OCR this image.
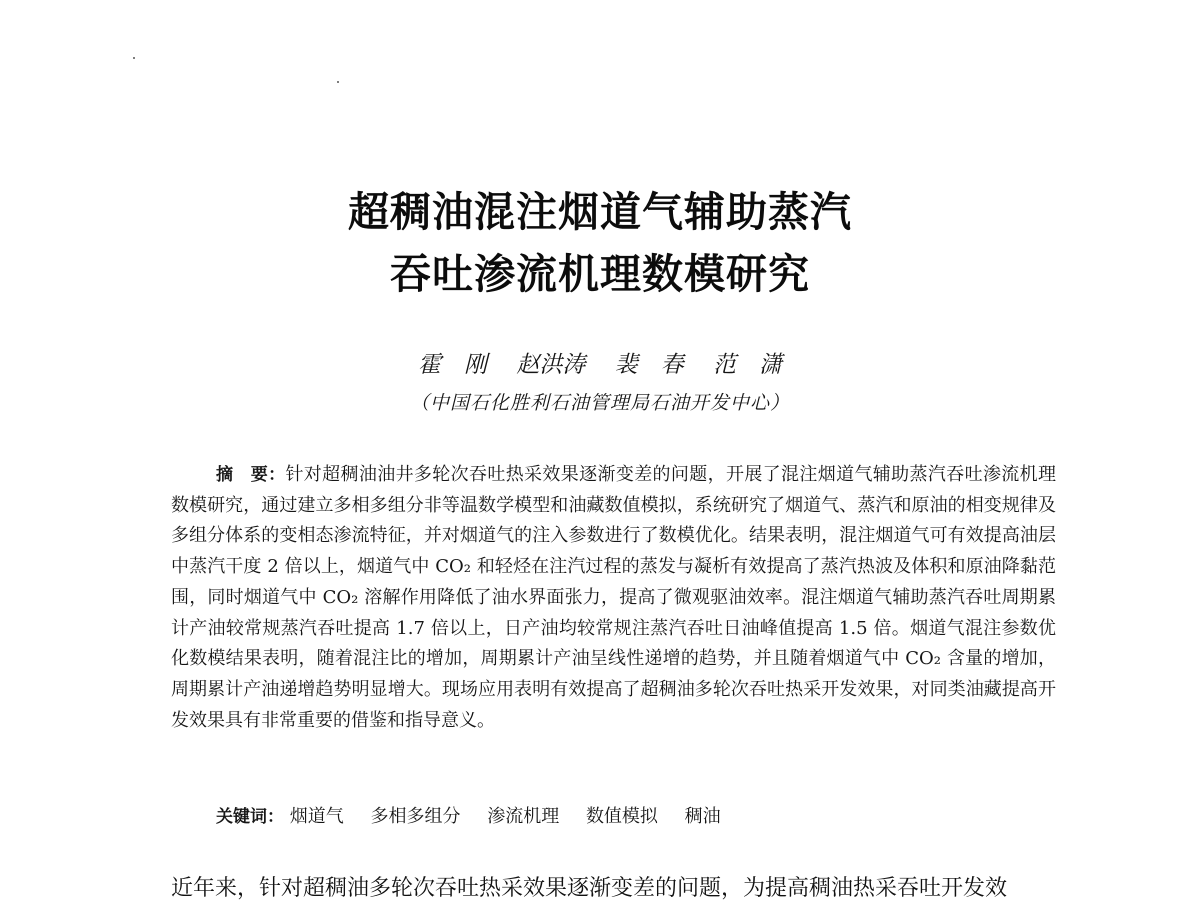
超稠油混注烟道气辅助蒸汽
吞吐渗流机理数模研究
霍　刚 赵洪涛 裴　春 范　潇
（中国石化胜利石油管理局石油开发中心）
摘　要：针对超稠油油井多轮次吞吐热采效果逐渐变差的问题，开展了混注烟道气辅助蒸汽吞吐渗流机理数模研究，通过建立多相多组分非等温数学模型和油藏数值模拟，系统研究了烟道气、蒸汽和原油的相变规律及多组分体系的变相态渗流特征，并对烟道气的注入参数进行了数模优化。结果表明，混注烟道气可有效提高油层中蒸汽干度 2 倍以上，烟道气中 CO₂ 和轻烃在注汽过程的蒸发与凝析有效提高了蒸汽热波及体积和原油降黏范围，同时烟道气中 CO₂ 溶解作用降低了油水界面张力，提高了微观驱油效率。混注烟道气辅助蒸汽吞吐周期累计产油较常规蒸汽吞吐提高 1.7 倍以上，日产油均较常规注蒸汽吞吐日油峰值提高 1.5 倍。烟道气混注参数优化数模结果表明，随着混注比的增加，周期累计产油呈线性递增的趋势，并且随着烟道气中 CO₂ 含量的增加，周期累计产油递增趋势明显增大。现场应用表明有效提高了超稠油多轮次吞吐热采开发效果，对同类油藏提高开发效果具有非常重要的借鉴和指导意义。
关键词： 烟道气 多相多组分 渗流机理 数值模拟 稠油
近年来，针对超稠油多轮次吞吐热采效果逐渐变差的问题，为提高稠油热采吞吐开发效
